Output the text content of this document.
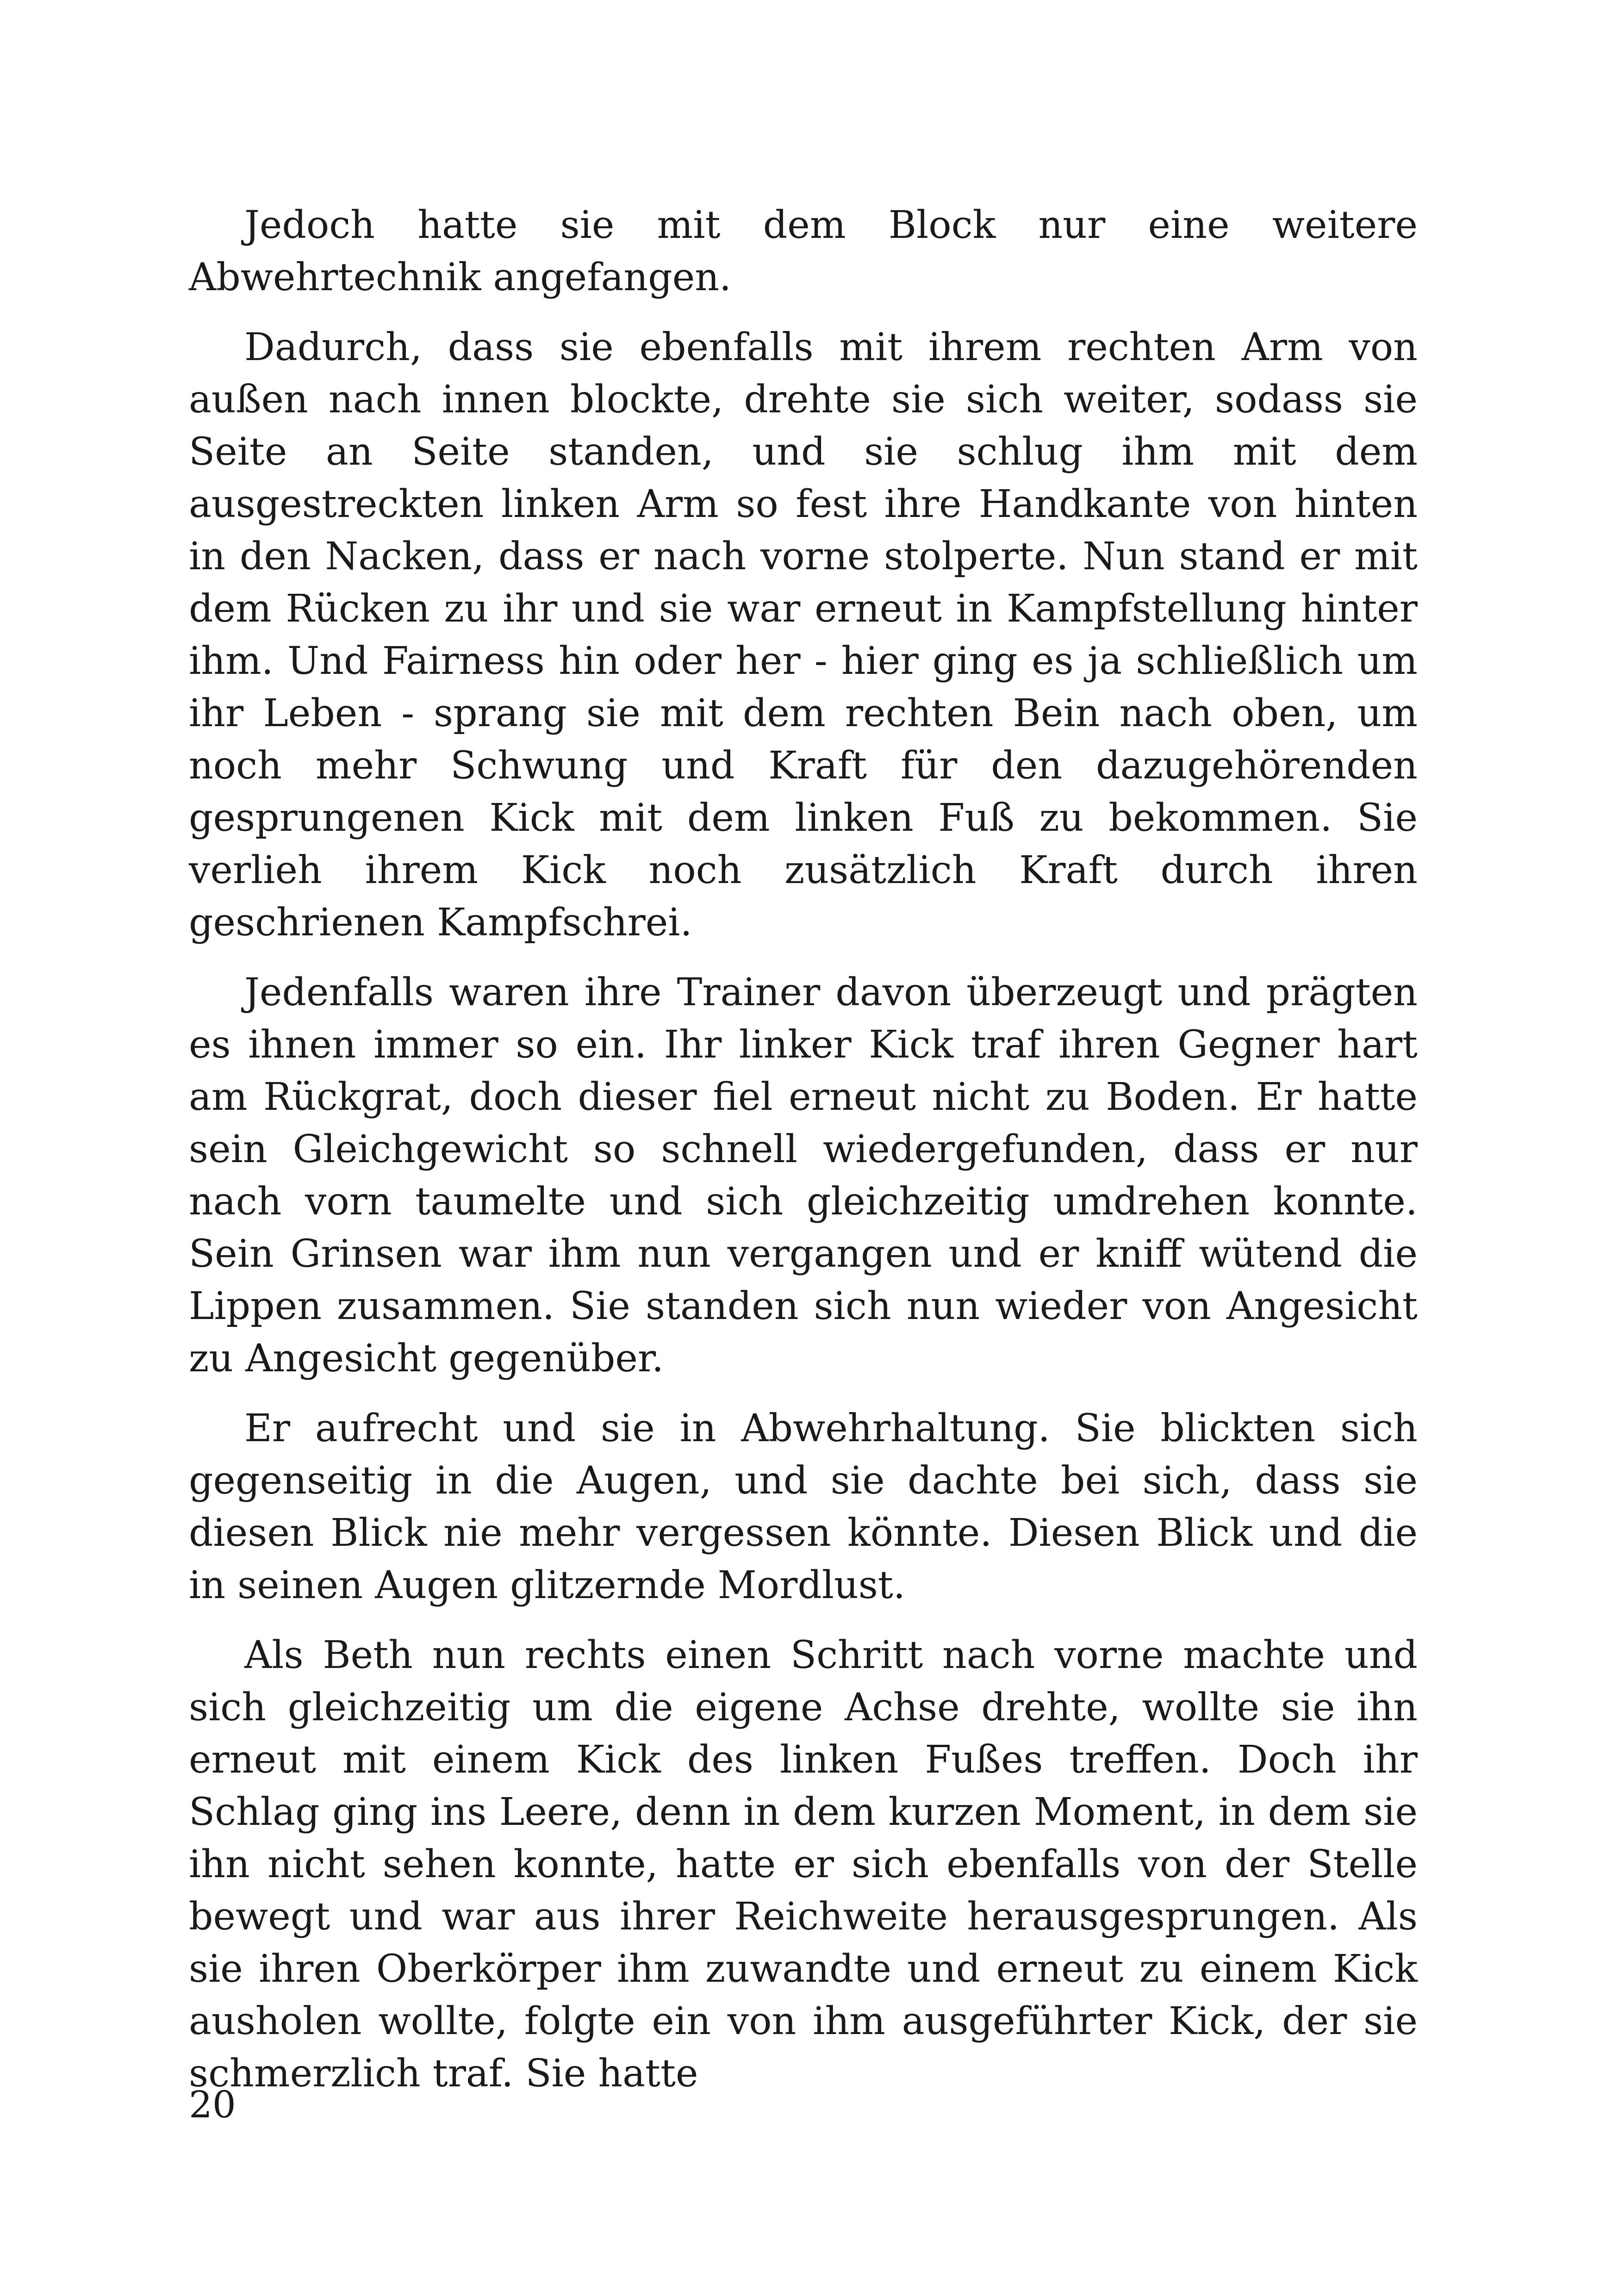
Jedoch hatte sie mit dem Block nur eine weitere Abwehrtechnik angefangen.

Dadurch, dass sie ebenfalls mit ihrem rechten Arm von außen nach innen blockte, drehte sie sich weiter, sodass sie Seite an Seite standen, und sie schlug ihm mit dem ausgestreckten linken Arm so fest ihre Handkante von hinten in den Nacken, dass er nach vorne stolperte. Nun stand er mit dem Rücken zu ihr und sie war erneut in Kampfstellung hinter ihm. Und Fairness hin oder her - hier ging es ja schließlich um ihr Leben - sprang sie mit dem rechten Bein nach oben, um noch mehr Schwung und Kraft für den dazugehörenden gesprungenen Kick mit dem linken Fuß zu bekommen. Sie verlieh ihrem Kick noch zusätzlich Kraft durch ihren geschrienen Kampfschrei.

Jedenfalls waren ihre Trainer davon überzeugt und prägten es ihnen immer so ein. Ihr linker Kick traf ihren Gegner hart am Rückgrat, doch dieser fiel erneut nicht zu Boden. Er hatte sein Gleichgewicht so schnell wiedergefunden, dass er nur nach vorn taumelte und sich gleichzeitig umdrehen konnte. Sein Grinsen war ihm nun vergangen und er kniff wütend die Lippen zusammen. Sie standen sich nun wieder von Angesicht zu Angesicht gegenüber.

Er aufrecht und sie in Abwehrhaltung. Sie blickten sich gegenseitig in die Augen, und sie dachte bei sich, dass sie diesen Blick nie mehr vergessen könnte. Diesen Blick und die in seinen Augen glitzernde Mordlust.

Als Beth nun rechts einen Schritt nach vorne machte und sich gleichzeitig um die eigene Achse drehte, wollte sie ihn erneut mit einem Kick des linken Fußes treffen. Doch ihr Schlag ging ins Leere, denn in dem kurzen Moment, in dem sie ihn nicht sehen konnte, hatte er sich ebenfalls von der Stelle bewegt und war aus ihrer Reichweite herausgesprungen. Als sie ihren Oberkörper ihm zuwandte und erneut zu einem Kick ausholen wollte, folgte ein von ihm ausgeführter Kick, der sie schmerzlich traf. Sie hatte

20
